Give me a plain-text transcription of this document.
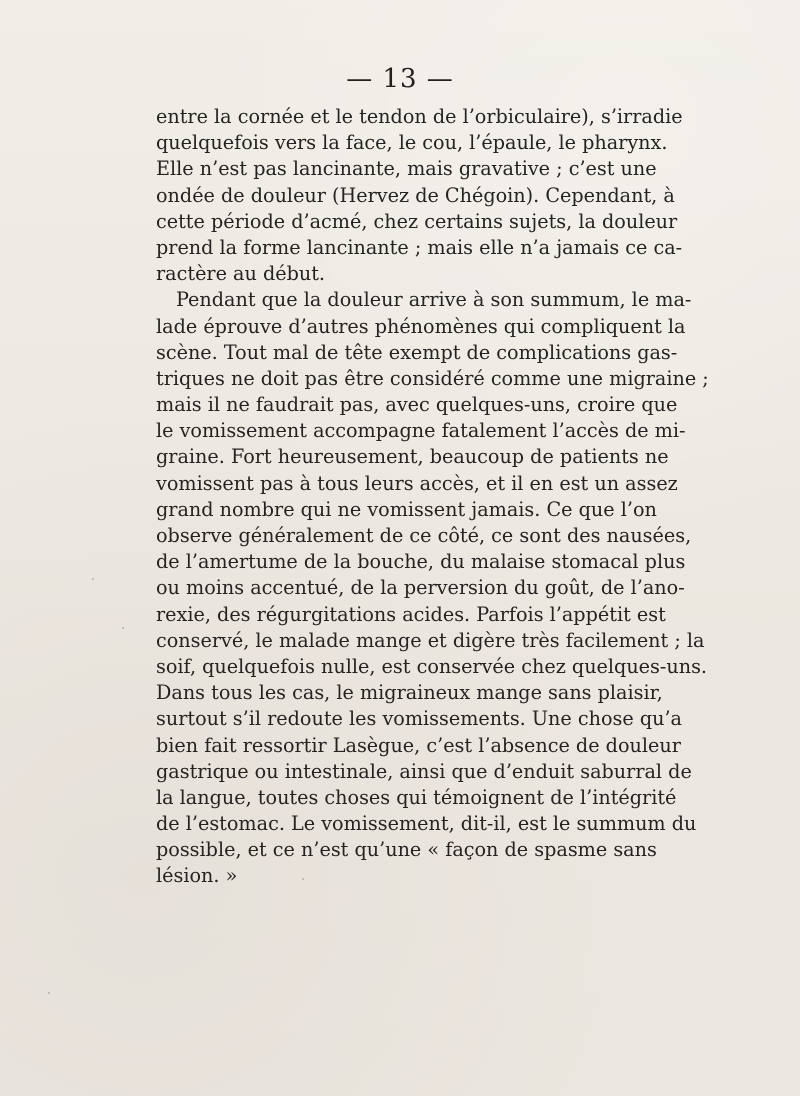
— 13 —
entre la cornée et le tendon de l’orbiculaire), s’irradie
quelquefois vers la face, le cou, l’épaule, le pharynx.
Elle n’est pas lancinante, mais gravative ; c’est une
ondée de douleur (Hervez de Chégoin). Cependant, à
cette période d’acmé, chez certains sujets, la douleur
prend la forme lancinante ; mais elle n’a jamais ce ca-
ractère au début.
Pendant que la douleur arrive à son summum, le ma-
lade éprouve d’autres phénomènes qui compliquent la
scène. Tout mal de tête exempt de complications gas-
triques ne doit pas être considéré comme une migraine ;
mais il ne faudrait pas, avec quelques-uns, croire que
le vomissement accompagne fatalement l’accès de mi-
graine. Fort heureusement, beaucoup de patients ne
vomissent pas à tous leurs accès, et il en est un assez
grand nombre qui ne vomissent jamais. Ce que l’on
observe généralement de ce côté, ce sont des nausées,
de l’amertume de la bouche, du malaise stomacal plus
ou moins accentué, de la perversion du goût, de l’ano-
rexie, des régurgitations acides. Parfois l’appétit est
conservé, le malade mange et digère très facilement ; la
soif, quelquefois nulle, est conservée chez quelques-uns.
Dans tous les cas, le migraineux mange sans plaisir,
surtout s’il redoute les vomissements. Une chose qu’a
bien fait ressortir Lasègue, c’est l’absence de douleur
gastrique ou intestinale, ainsi que d’enduit saburral de
la langue, toutes choses qui témoignent de l’intégrité
de l’estomac. Le vomissement, dit-il, est le summum du
possible, et ce n’est qu’une « façon de spasme sans
lésion. »
